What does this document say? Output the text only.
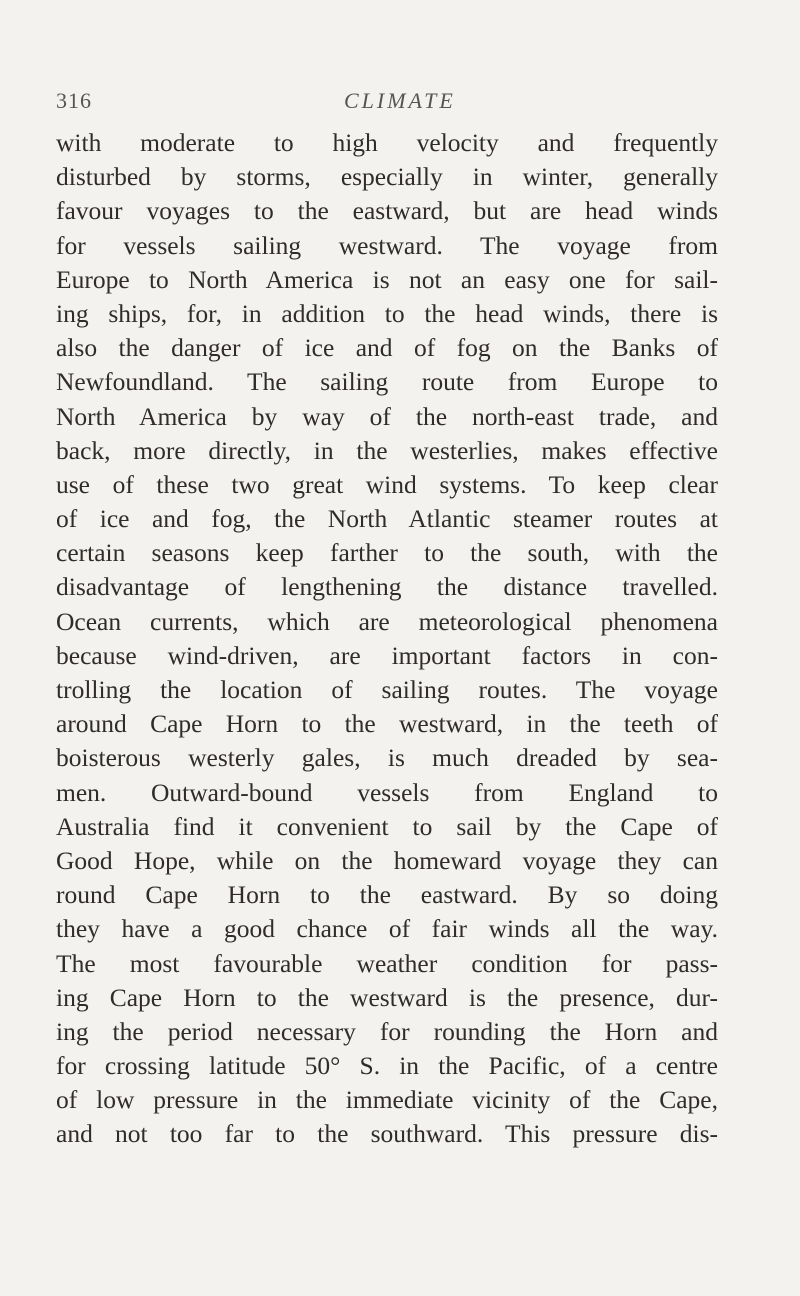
316	CLIMATE
with moderate to high velocity and frequently
disturbed by storms, especially in winter, generally
favour voyages to the eastward, but are head winds
for vessels sailing westward. The voyage from
Europe to North America is not an easy one for sail-
ing ships, for, in addition to the head winds, there is
also the danger of ice and of fog on the Banks of
Newfoundland. The sailing route from Europe to
North America by way of the north-east trade, and
back, more directly, in the westerlies, makes effective
use of these two great wind systems. To keep clear
of ice and fog, the North Atlantic steamer routes at
certain seasons keep farther to the south, with the
disadvantage of lengthening the distance travelled.
Ocean currents, which are meteorological phenomena
because wind-driven, are important factors in con-
trolling the location of sailing routes. The voyage
around Cape Horn to the westward, in the teeth of
boisterous westerly gales, is much dreaded by sea-
men. Outward-bound vessels from England to
Australia find it convenient to sail by the Cape of
Good Hope, while on the homeward voyage they can
round Cape Horn to the eastward. By so doing
they have a good chance of fair winds all the way.
The most favourable weather condition for pass-
ing Cape Horn to the westward is the presence, dur-
ing the period necessary for rounding the Horn and
for crossing latitude 50° S. in the Pacific, of a centre
of low pressure in the immediate vicinity of the Cape,
and not too far to the southward. This pressure dis-
